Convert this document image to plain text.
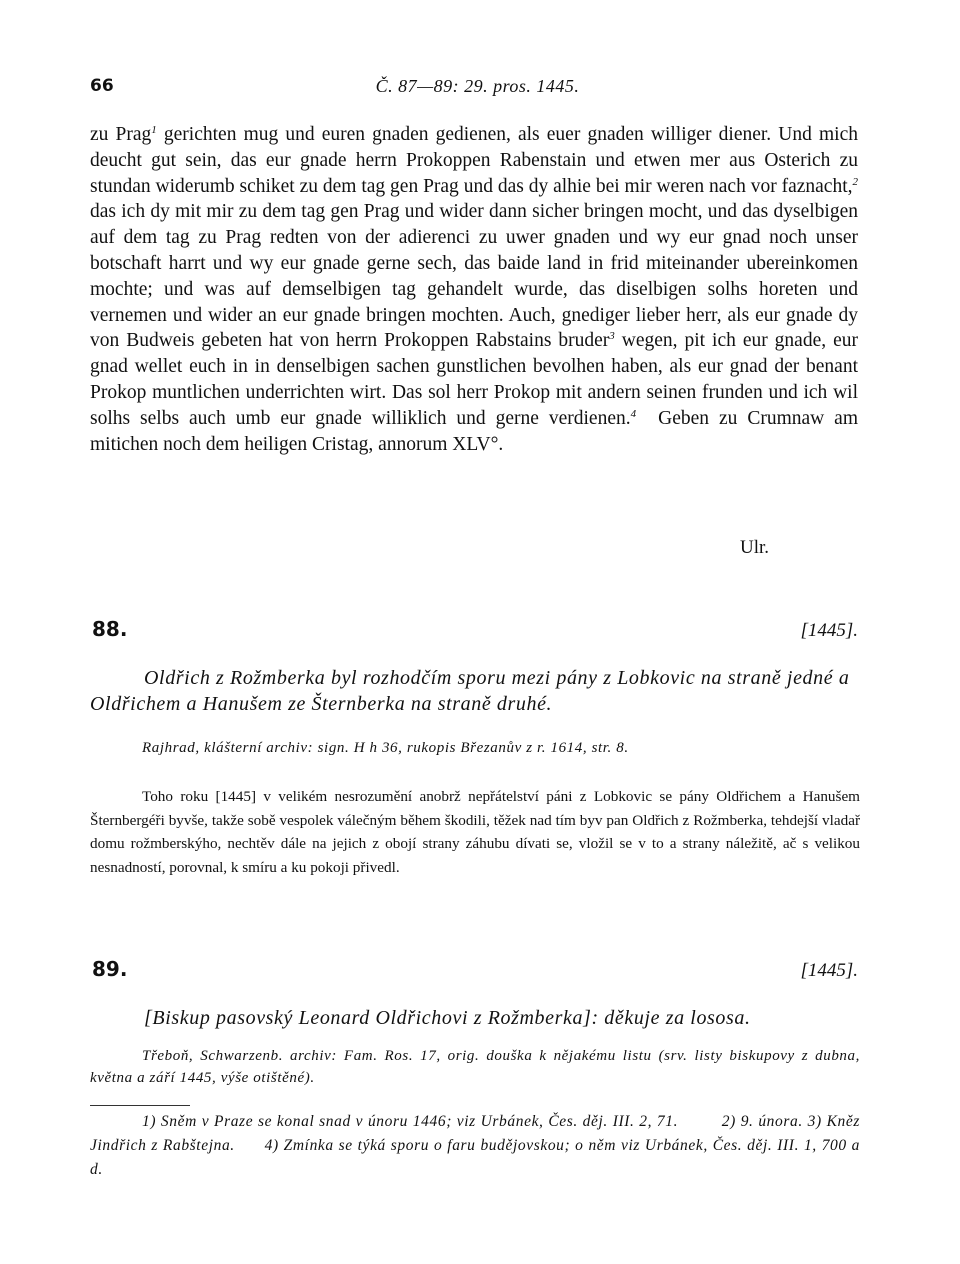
66	Č. 87—89: 29. pros. 1445.

zu Prag$^1$ gerichten mug und euren gnaden gedienen, als euer gnaden williger diener. Und mich deucht gut sein, das eur gnade herrn Prokoppen Rabenstain und etwen mer aus Osterich zu stundan widerumb schiket zu dem tag gen Prag und das dy alhie bei mir weren nach vor faznacht,$^2$ das ich dy mit mir zu dem tag gen Prag und wider dann sicher bringen mocht, und das dyselbigen auf dem tag zu Prag redten von der adierenci zu uwer gnaden und wy eur gnad noch unser botschaft harrt und wy eur gnade gerne sech, das baide land in frid miteinander ubereinkomen mochte; und was auf demselbigen tag gehandelt wurde, das diselbigen solhs horeten und vernemen und wider an eur gnade bringen mochten. Auch, gnediger lieber herr, als eur gnade dy von Budweis gebeten hat von herrn Prokoppen Rabstains bruder$^3$ wegen, pit ich eur gnade, eur gnad wellet euch in in denselbigen sachen gunstlichen bevolhen haben, als eur gnad der benant Prokop muntlichen underrichten wirt. Das sol herr Prokop mit andern seinen frunden und ich wil solhs selbs auch umb eur gnade williklich und gerne verdienen.$^4$ Geben zu Crumnaw am mitichen noch dem heiligen Cristag, annorum XLV°.

Ulr.
88.	[1445].
Oldřich z Rožmberka byl rozhodčím sporu mezi pány z Lobkovic na straně jedné a Oldřichem a Hanušem ze Šternberka na straně druhé.
Rajhrad, klášterní archiv: sign. H h 36, rukopis Březanův z r. 1614, str. 8.

Toho roku [1445] v velikém nesrozumění anobrž nepřátelství páni z Lobkovic se pány Oldřichem a Hanušem Šternbergéři byvše, takže sobě vespolek válečným během škodili, těžek nad tím byv pan Oldřich z Rožmberka, tehdejší vladař domu rožmberskýho, nechtěv dále na jejich z obojí strany záhubu dívati se, vložil se v to a strany náležitě, ač s velikou nesnadností, porovnal, k smíru a ku pokoji přivedl.

89.	[1445].
[Biskup pasovský Leonard Oldřichovi z Rožmberka]: děkuje za lososa.
Třeboň, Schwarzenb. archiv: Fam. Ros. 17, orig. douška k nějakému listu (srv. listy biskupovy z dubna, května a září 1445, výše otištěné).

1) Sněm v Praze se konal snad v únoru 1446; viz Urbánek, Čes. děj. III. 2, 71.	2) 9. února. 3) Kněz Jindřich z Rabštejna. 4) Zmínka se týká sporu o faru budějovskou; o něm viz Urbánek, Čes. děj. III. 1, 700 a d.
